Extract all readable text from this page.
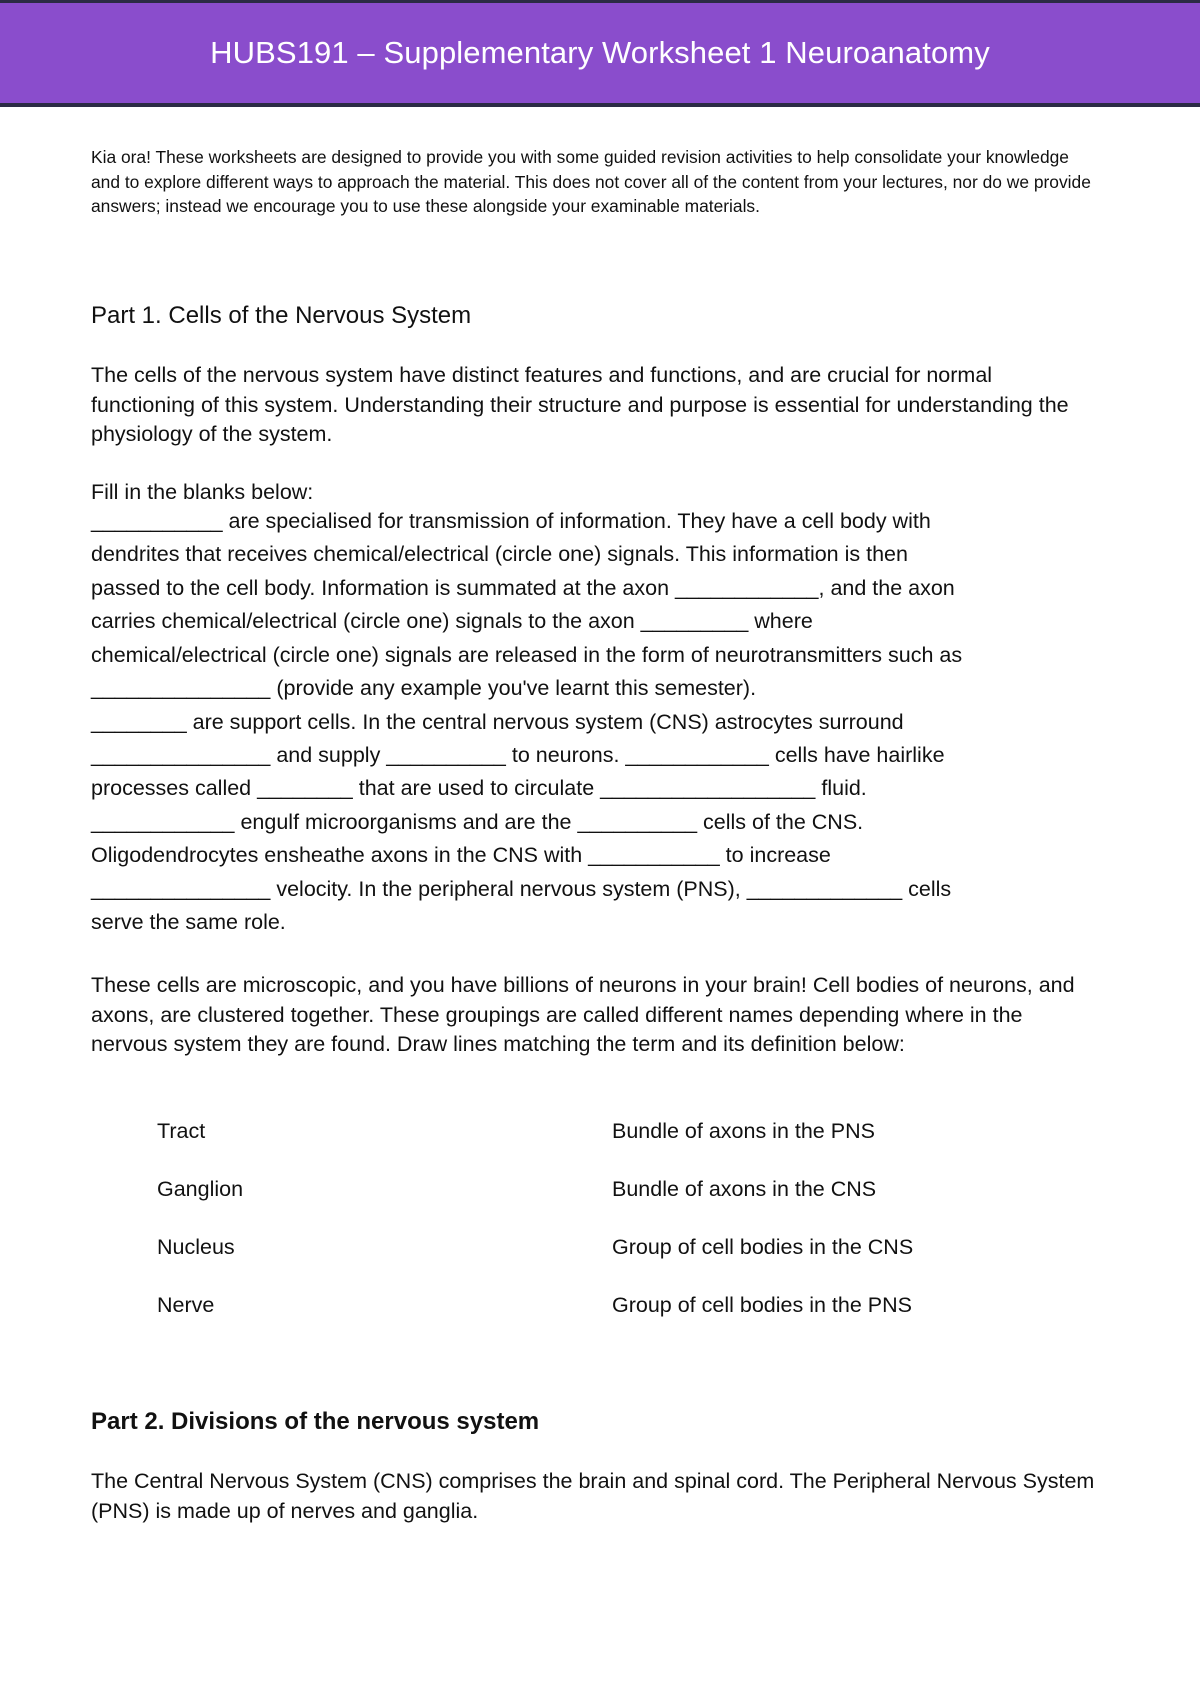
HUBS191 – Supplementary Worksheet 1 Neuroanatomy

Kia ora! These worksheets are designed to provide you with some guided revision activities to help consolidate your knowledge and to explore different ways to approach the material. This does not cover all of the content from your lectures, nor do we provide answers; instead we encourage you to use these alongside your examinable materials.

Part 1. Cells of the Nervous System

The cells of the nervous system have distinct features and functions, and are crucial for normal functioning of this system. Understanding their structure and purpose is essential for understanding the physiology of the system.

Fill in the blanks below:
___________ are specialised for transmission of information. They have a cell body with
dendrites that receives chemical/electrical (circle one) signals. This information is then
passed to the cell body. Information is summated at the axon ____________, and the axon
carries chemical/electrical (circle one) signals to the axon _________ where
chemical/electrical (circle one) signals are released in the form of neurotransmitters such as
_______________ (provide any example you've learnt this semester).
________ are support cells. In the central nervous system (CNS) astrocytes surround
_______________ and supply __________ to neurons. ____________ cells have hairlike
processes called ________ that are used to circulate __________________ fluid.
____________ engulf microorganisms and are the __________ cells of the CNS.
Oligodendrocytes ensheathe axons in the CNS with ___________ to increase
_______________ velocity. In the peripheral nervous system (PNS), _____________ cells
serve the same role.

These cells are microscopic, and you have billions of neurons in your brain! Cell bodies of neurons, and axons, are clustered together. These groupings are called different names depending where in the nervous system they are found. Draw lines matching the term and its definition below:

Tract	Bundle of axons in the PNS
Ganglion	Bundle of axons in the CNS
Nucleus	Group of cell bodies in the CNS
Nerve	Group of cell bodies in the PNS
Part 2. Divisions of the nervous system

The Central Nervous System (CNS) comprises the brain and spinal cord. The Peripheral Nervous System (PNS) is made up of nerves and ganglia.
